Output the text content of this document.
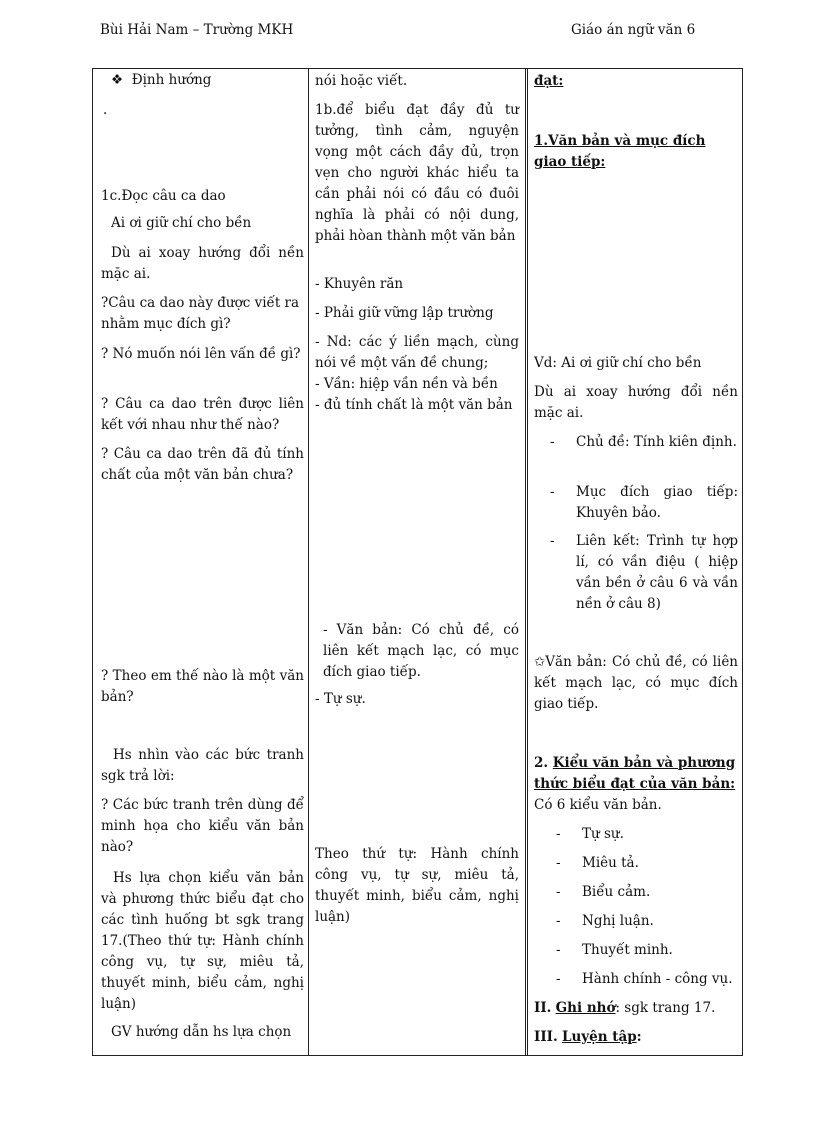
Bùi Hải Nam – Trường MKH	Giáo án ngữ văn 6
❖ Định hướng
.
1c.Đọc câu ca dao
Ai ơi giữ chí cho bền
Dù ai xoay hướng đổi nền mặc ai.
?Câu ca dao này được viết ra nhằm mục đích gì?
? Nó muốn nói lên vấn đề gì?
? Câu ca dao trên được liên kết với nhau như thế nào?
? Câu ca dao trên đã đủ tính chất của một văn bản chưa?
? Theo em thế nào là một văn bản?
Hs nhìn vào các bức tranh sgk trả lời:
? Các bức tranh trên dùng để minh họa cho kiểu văn bản nào?
Hs lựa chọn kiểu văn bản và phương thức biểu đạt cho các tình huống bt sgk trang 17.(Theo thứ tự: Hành chính công vụ, tự sự, miêu tả, thuyết minh, biểu cảm, nghị luận)
GV hướng dẫn hs lựa chọn
nói hoặc viết.
1b.để biểu đạt đầy đủ tư tưởng, tình cảm, nguyện vọng một cách đầy đủ, trọn vẹn cho người khác hiểu ta cần phải nói có đầu có đuôi nghĩa là phải có nội dung, phải hòan thành một văn bản
- Khuyên răn
- Phải giữ vững lập trường
- Nd: các ý liền mạch, cùng nói về một vấn đề chung;
- Vần: hiệp vần nền và bền
- đủ tính chất là một văn bản
- Văn bản: Có chủ đề, có liên kết mạch lạc, có mục đích giao tiếp.
- Tự sự.
Theo thứ tự: Hành chính công vụ, tự sự, miêu tả, thuyết minh, biểu cảm, nghị luận)
đạt:
1.Văn bản và mục đích giao tiếp:
Vd: Ai ơi giữ chí cho bền
Dù ai xoay hướng đổi nền mặc ai.
- Chủ đề: Tính kiên định.
- Mục đích giao tiếp: Khuyên bảo.
- Liên kết: Trình tự hợp lí, có vần điệu ( hiệp vần bền ở câu 6 và vần nền ở câu 8)
✩Văn bản: Có chủ đề, có liên kết mạch lạc, có mục đích giao tiếp.
2. Kiểu văn bản và phương thức biểu đạt của văn bản:
Có 6 kiểu văn bản.
- Tự sự.
- Miêu tả.
- Biểu cảm.
- Nghị luận.
- Thuyết minh.
- Hành chính - công vụ.
II. Ghi nhớ: sgk trang 17.
III. Luyện tập:
